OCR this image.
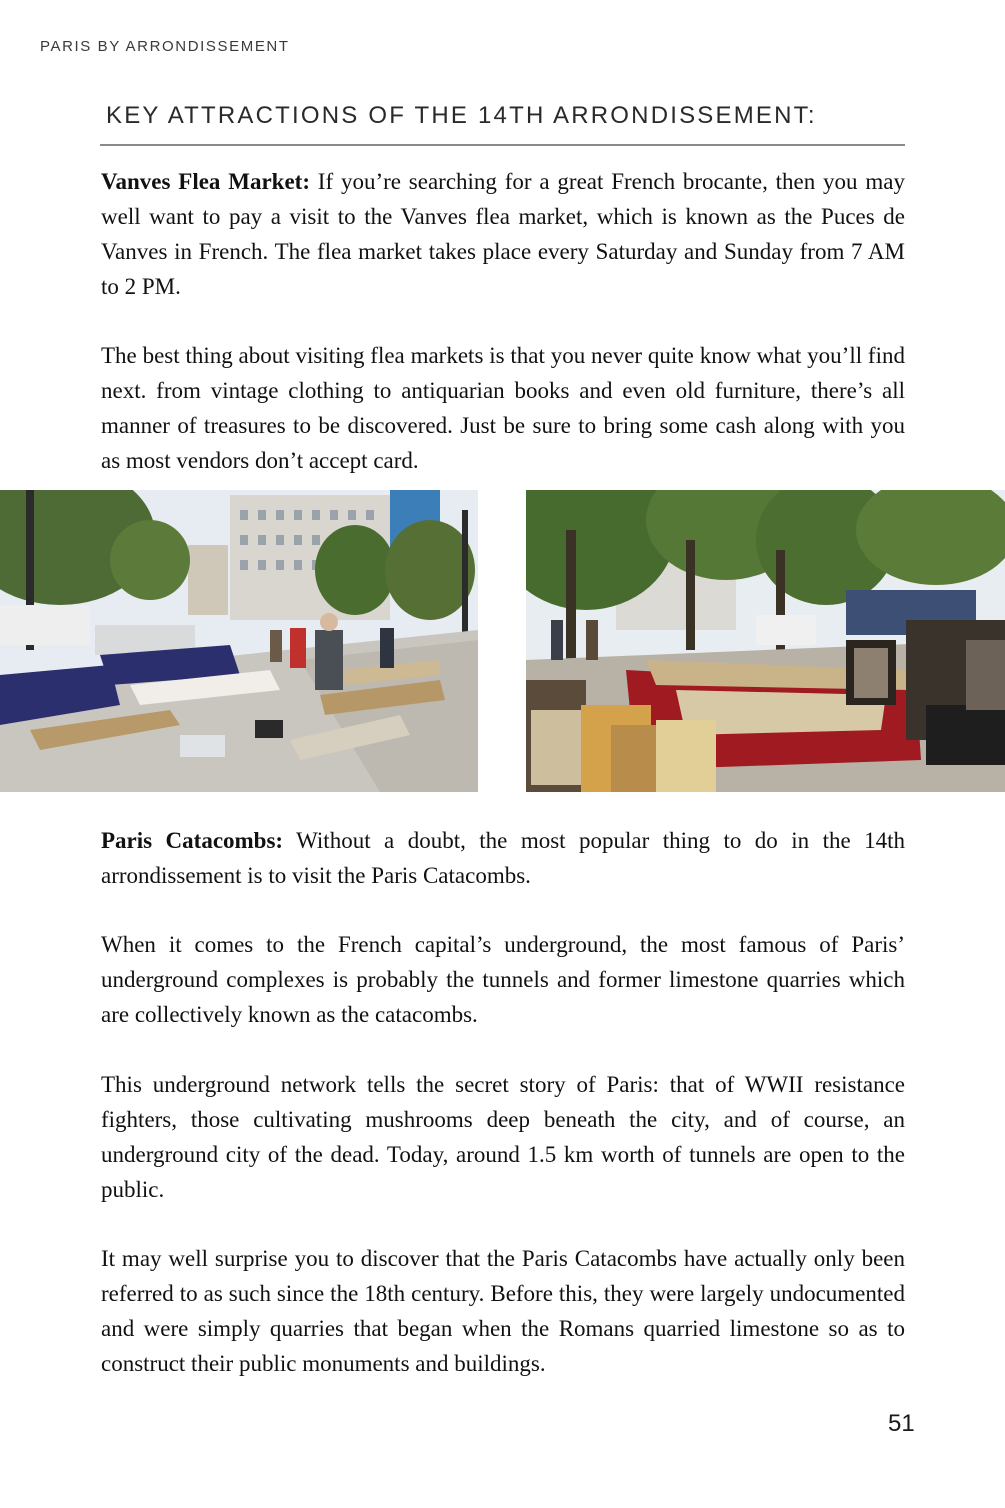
PARIS BY ARRONDISSEMENT
KEY ATTRACTIONS OF THE 14TH ARRONDISSEMENT:

Vanves Flea Market: If you’re searching for a great French brocante, then you may well want to pay a visit to the Vanves flea market, which is known as the Puces de Vanves in French. The flea market takes place every Saturday and Sunday from 7 AM to 2 PM.

The best thing about visiting flea markets is that you never quite know what you’ll find next. from vintage clothing to antiquarian books and even old furniture, there’s all manner of treasures to be discovered. Just be sure to bring some cash along with you as most vendors don’t accept card.

Paris Catacombs: Without a doubt, the most popular thing to do in the 14th arrondissement is to visit the Paris Catacombs.

When it comes to the French capital’s underground, the most famous of Paris’ underground complexes is probably the tunnels and former limestone quarries which are collectively known as the catacombs.

This underground network tells the secret story of Paris: that of WWII resistance fighters, those cultivating mushrooms deep beneath the city, and of course, an underground city of the dead. Today, around 1.5 km worth of tunnels are open to the public.

It may well surprise you to discover that the Paris Catacombs have actually only been referred to as such since the 18th century. Before this, they were largely undocumented and were simply quarries that began when the Romans quarried limestone so as to construct their public monuments and buildings.

51
